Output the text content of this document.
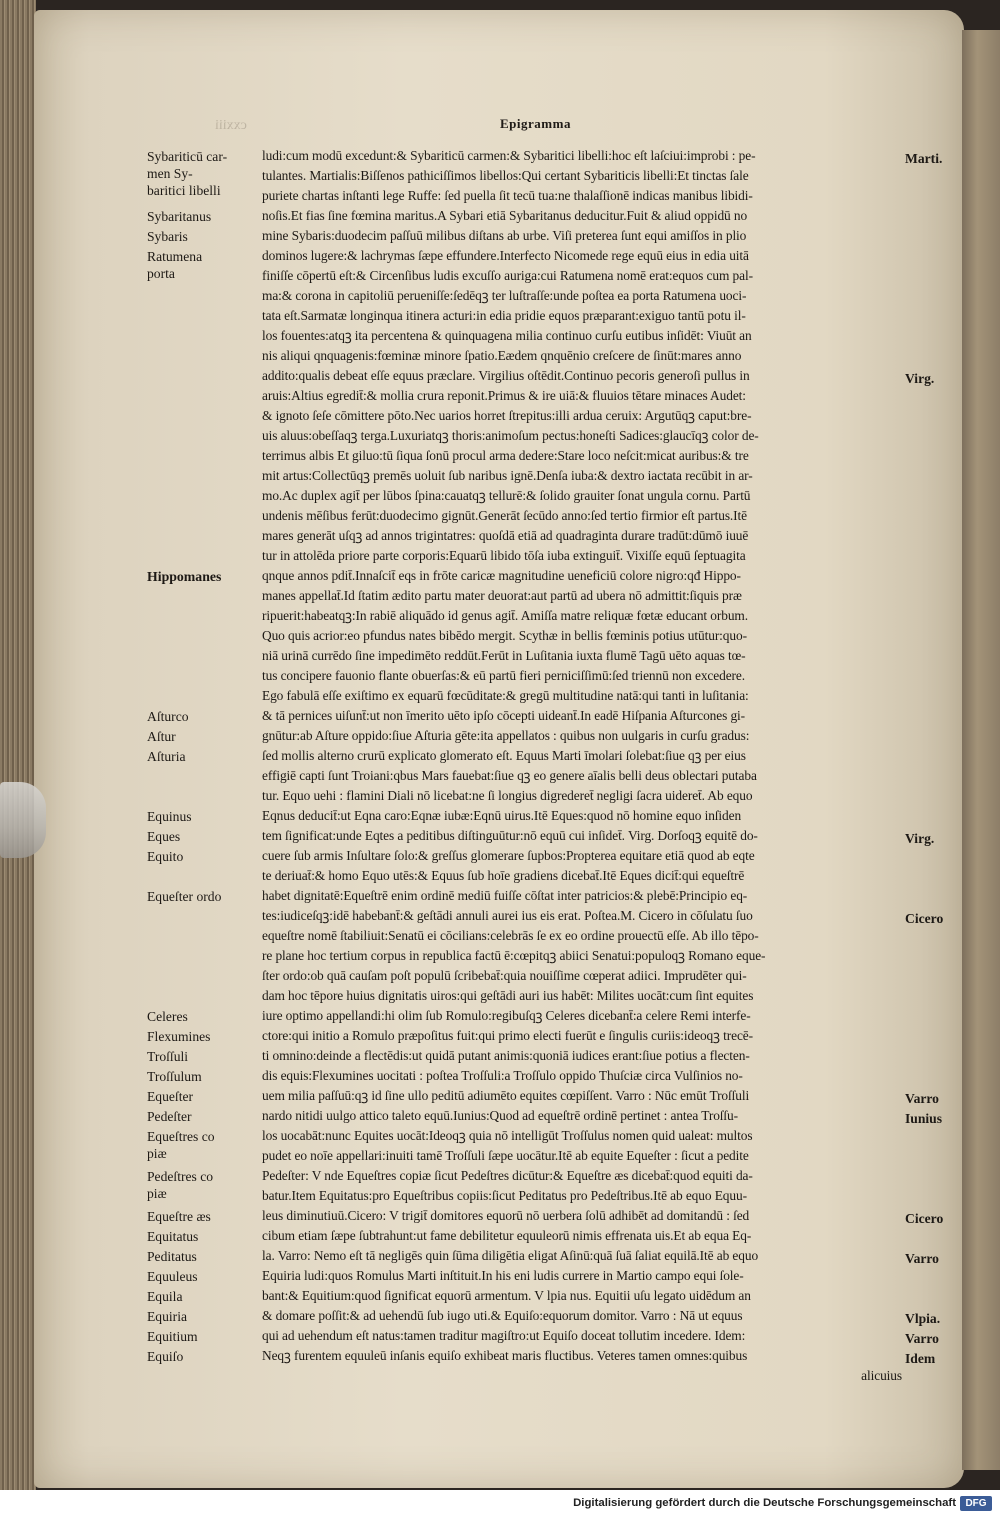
cxxiii	Epigramma
ludi:cum modū excedunt:& Sybariticū carmen:& Sybaritici libelli:hoc eſt laſciui:improbi : pe-
tulantes. Martialis:Biſſenos pathiciſſimos libellos:Qui certant Sybariticis libelli:Et tinctas ſale
puriete chartas inſtanti lege Ruffe: ſed puella ſit tecū tua:ne thalaſſionē indicas manibus libidi-
noſis.Et fias ſine fœmina maritus.A Sybari etiā Sybaritanus deducitur.Fuit & aliud oppidū no
mine Sybaris:duodecim paſſuū milibus diſtans ab urbe. Viſi preterea ſunt equi amiſſos in plio
dominos lugere:& lachrymas ſæpe effundere.Interfecto Nicomede rege equū eius in edia uitā
finiſſe cōpertū eſt:& Circenſibus ludis excuſſo auriga:cui Ratumena nomē erat:equos cum pal-
ma:& corona in capitoliū perueniſſe:ſedēqꝫ ter luſtraſſe:unde poſtea ea porta Ratumena uoci-
tata eſt.Sarmatæ longinqua itinera acturi:in edia pridie equos præparant:exiguo tantū potu il-
los fouentes:atqꝫ ita percentena & quinquagena milia continuo curſu eutibus inſidēt: Viuūt an
nis aliqui qnquagenis:fœminæ minore ſpatio.Eædem qnquēnio creſcere de ſinūt:mares anno
addito:qualis debeat eſſe equus præclare. Virgilius oſtēdit.Continuo pecoris generoſi pullus in
aruis:Altius egredit̄:& mollia crura reponit.Primus & ire uiā:& fluuios tētare minaces Audet:
& ignoto ſeſe cōmittere pōto.Nec uarios horret ſtrepitus:illi ardua ceruix: Argutūqꝫ caput:bre-
uis aluus:obeſſaqꝫ terga.Luxuriatqꝫ thoris:animoſum pectus:honeſti Sadices:glaucīqꝫ color de-
terrimus albis Et giluo:tū ſiqua ſonū procul arma dedere:Stare loco neſcit:micat auribus:& tre
mit artus:Collectūqꝫ premēs uoluit ſub naribus ignē.Denſa iuba:& dextro iactata recūbit in ar-
mo.Ac duplex agit̄ per lūbos ſpina:cauatqꝫ tellurē:& ſolido grauiter ſonat ungula cornu. Partū
undenis mēſibus ferūt:duodecimo gignūt.Generāt ſecūdo anno:ſed tertio firmior eſt partus.Itē
mares generāt uſqꝫ ad annos trigintatres: quoſdā etiā ad quadraginta durare tradūt:dūmō iuuē
tur in attolēda priore parte corporis:Equarū libido tōſa iuba extinguit̄. Vixiſſe equū ſeptuagita
qnque annos pdit̄.Innaſcit̄ eqs in frōte caricæ magnitudine ueneficiū colore nigro:qđ Hippo-
manes appellat̄.Id ſtatim ædito partu mater deuorat:aut partū ad ubera nō admittit:ſiquis præ
ripuerit:habeatqꝫ:In rabiē aliquādo id genus agit̄. Amiſſa matre reliquæ fœtæ educant orbum.
Quo quis acrior:eo pfundus nates bibēdo mergit. Scythæ in bellis fœminis potius utūtur:quo-
niā urinā currēdo ſine impedimēto reddūt.Ferūt in Luſitania iuxta flumē Tagū uēto aquas tœ-
tus concipere fauonio flante obuerſas:& eū partū fieri perniciſſimū:ſed triennū non excedere.
Ego fabulā eſſe exiſtimo ex equarū fœcūditate:& gregū multitudine natā:qui tanti in luſitania:
& tā pernices uiſunt̄:ut non īmerito uēto ipſo cōcepti uideant̄.In eadē Hiſpania Aſturcones gi-
gnūtur:ab Aſture oppido:ſiue Aſturia gēte:ita appellatos : quibus non uulgaris in curſu gradus:
ſed mollis alterno crurū explicato glomerato eſt. Equus Marti īmolari ſolebat:ſiue qꝫ per eius
effigiē capti ſunt Troiani:qbus Mars fauebat:ſiue qꝫ eo genere aīalis belli deus oblectari putaba
tur. Equo uehi : flamini Diali nō licebat:ne ſi longius digrederet̄ negligi ſacra uideret̄. Ab equo
Eqnus deducit̄:ut Eqna caro:Eqnæ iubæ:Eqnū uirus.Itē Eques:quod nō homine equo inſiden
tem ſignificat:unde Eqtes a peditibus diſtinguūtur:nō equū cui inſidet̄. Virg. Dorſoqꝫ equitē do-
cuere ſub armis Inſultare ſolo:& greſſus glomerare ſupbos:Propterea equitare etiā quod ab eqte
te deriuat̄:& homo Equo utēs:& Equus ſub hoīe gradiens dicebat̄.Itē Eques dicit̄:qui equeſtrē
habet dignitatē:Equeſtrē enim ordinē mediū fuiſſe cōſtat inter patricios:& plebē:Principio eq-
tes:iudiceſqꝫ:idē habebant̄:& geſtādi annuli aurei ius eis erat. Poſtea.M. Cicero in cōſulatu ſuo
equeſtre nomē ſtabiliuit:Senatū ei cōcilians:celebrās ſe ex eo ordine prouectū eſſe. Ab illo tēpo-
re plane hoc tertium corpus in republica factū ē:cœpitqꝫ abiici Senatui:populoqꝫ Romano eque-
ſter ordo:ob quā cauſam poſt populū ſcribebat̄:quia nouiſſime cœperat adiici. Imprudēter qui-
dam hoc tēpore huius dignitatis uiros:qui geſtādi auri ius habēt: Milites uocāt:cum ſint equites
iure optimo appellandi:hi olim ſub Romulo:regibuſqꝫ Celeres dicebant̄:a celere Remi interfe-
ctore:qui initio a Romulo præpoſitus fuit:qui primo electi fuerūt e ſingulis curiis:ideoqꝫ trecē-
ti omnino:deinde a flectēdis:ut quidā putant animis:quoniā iudices erant:ſiue potius a flecten-
dis equis:Flexumines uocitati : poſtea Troſſuli:a Troſſulo oppido Thuſciæ circa Vulſinios no-
uem milia paſſuū:qꝫ id ſine ullo peditū adiumēto equites cœpiſſent. Varro : Nūc emūt Troſſuli
nardo nitidi uulgo attico taleto equū.Iunius:Quod ad equeſtrē ordinē pertinet : antea Troſſu-
los uocabāt:nunc Equites uocāt:Ideoqꝫ quia nō intelligūt Troſſulus nomen quid ualeat: multos
pudet eo noīe appellari:inuiti tamē Troſſuli ſæpe uocātur.Itē ab equite Equeſter : ſicut a pedite
Pedeſter: V nde Equeſtres copiæ ſicut Pedeſtres dicūtur:& Equeſtre æs dicebat̄:quod equiti da-
batur.Item Equitatus:pro Equeſtribus copiis:ſicut Peditatus pro Pedeſtribus.Itē ab equo Equu-
leus diminutiuū.Cicero: V trigit̄ domitores equorū nō uerbera ſolū adhibēt ad domitandū : ſed
cibum etiam ſæpe ſubtrahunt:ut fame debilitetur equuleorū nimis effrenata uis.Et ab equa Eq-
la. Varro: Nemo eſt tā negligēs quin ſūma diligētia eligat Aſinū:quā ſuā ſaliat equilā.Itē ab equo
Equiria ludi:quos Romulus Marti inſtituit.In his eni ludis currere in Martio campo equi ſole-
bant:& Equitium:quod ſignificat equorū armentum. V lpia nus. Equitii uſu legato uidēdum an
& domare poſſit:& ad uehendū ſub iugo uti.& Equiſo:equorum domitor. Varro : Nā ut equus
qui ad uehendum eſt natus:tamen traditur magiſtro:ut Equiſo doceat tollutim incedere. Idem:
Neqꝫ furentem equuleū inſanis equiſo exhibeat maris fluctibus. Veteres tamen omnes:quibus
Sybariticū car-
men Sy-
baritici libelli
Sybaritanus
Sybaris
Ratumena
porta
Hippomanes
Aſturco
Aſtur
Aſturia
Equinus
Eques
Equito
Equeſter ordo
Celeres
Flexumines
Troſſuli
Troſſulum
Equeſter
Pedeſter
Equeſtres co
piæ
Pedeſtres co
piæ
Equeſtre æs
Equitatus
Peditatus
Equuleus
Equila
Equiria
Equitium
Equiſo
Marti.
Virg.
Virg.
Cicero
Varro
Iunius
Cicero
Varro
Vlpia.
Varro
Idem
alicuius
Digitalisierung gefördert durch die Deutsche Forschungsgemeinschaft DFG
